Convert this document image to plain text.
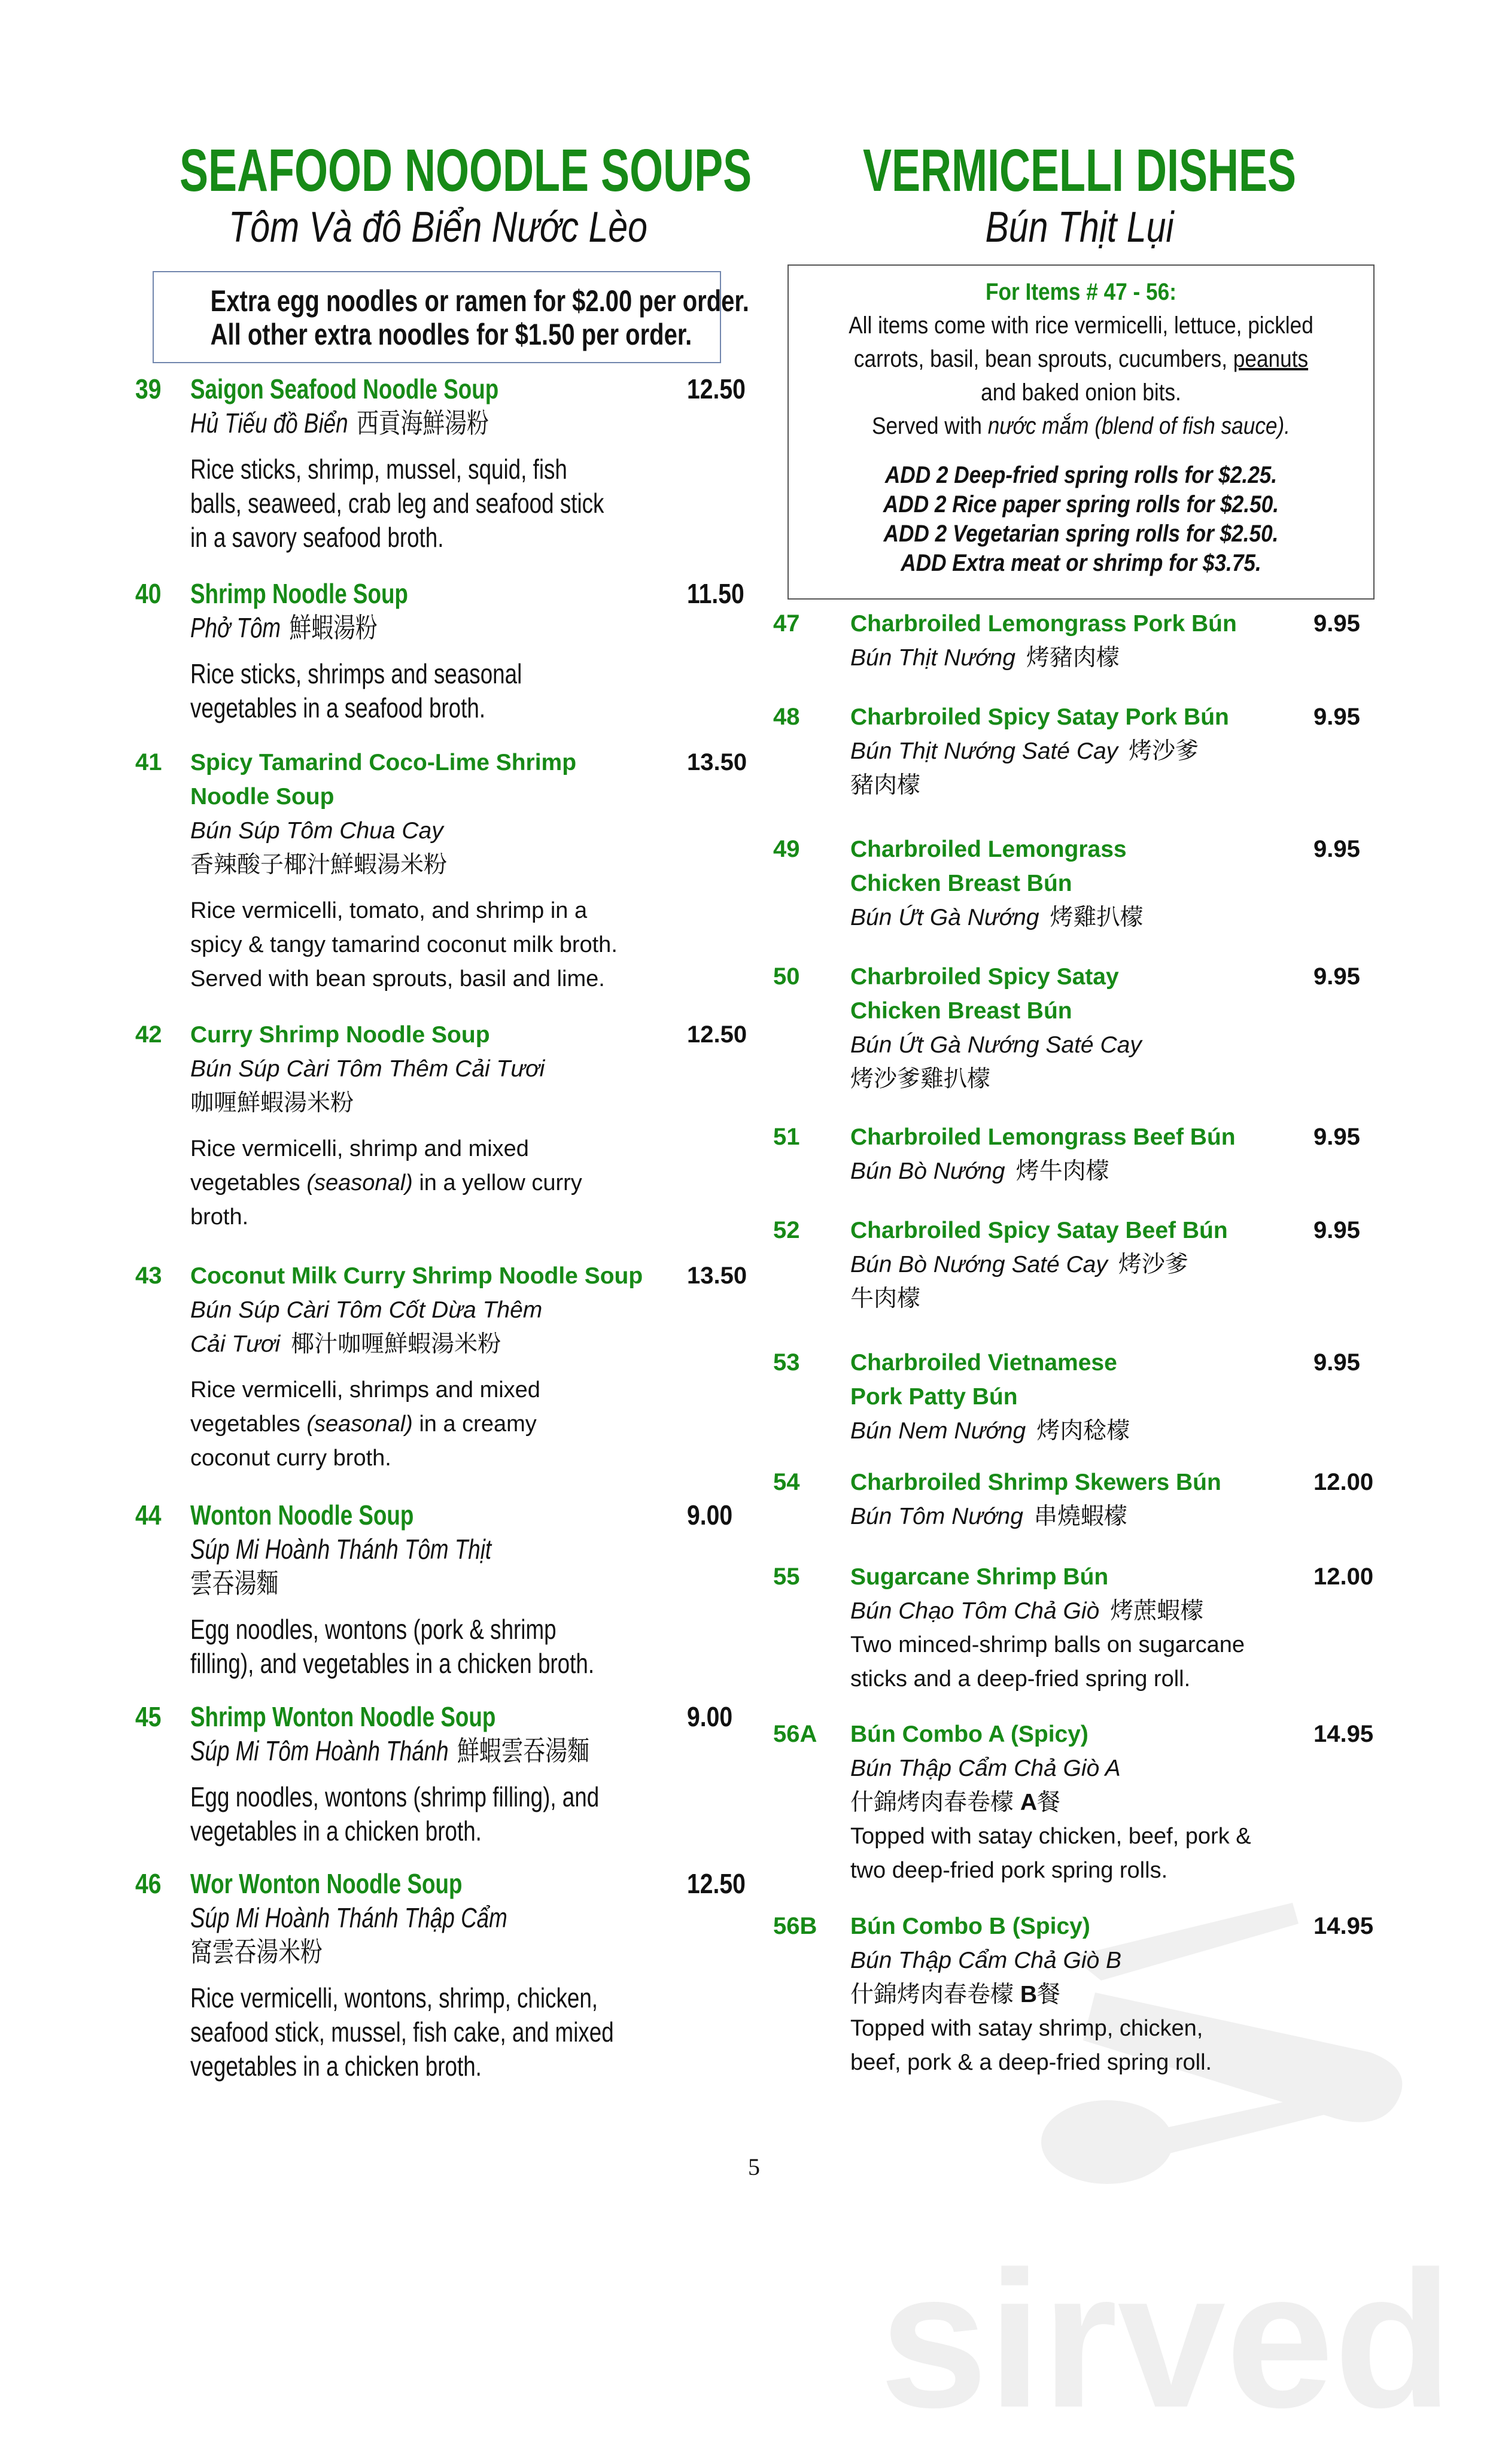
sirved
SEAFOOD NOODLE SOUPS
Tôm Và đô Biển Nước Lèo
Extra egg noodles or ramen for $2.00 per order.
All other extra noodles for $1.50 per order.
VERMICELLI DISHES
Bún Thịt Lụi
For Items # 47 - 56:
All items come with rice vermicelli, lettuce, pickled
carrots, basil, bean sprouts, cucumbers, peanuts
and baked onion bits.
Served with nước mắm (blend of fish sauce).
ADD 2 Deep-fried spring rolls for $2.25.
ADD 2 Rice paper spring rolls for $2.50.
ADD 2 Vegetarian spring rolls for $2.50.
ADD Extra meat or shrimp for $3.75.
39 Saigon Seafood Noodle Soup
Hủ Tiếu đồ Biển 西貢海鮮湯粉
Rice sticks, shrimp, mussel, squid, fish
balls, seaweed, crab leg and seafood stick
in a savory seafood broth.
12.50
40 Shrimp Noodle Soup
Phở Tôm 鮮蝦湯粉
Rice sticks, shrimps and seasonal
vegetables in a seafood broth.
11.50
41 Spicy Tamarind Coco-Lime Shrimp
Noodle Soup
Bún Súp Tôm Chua Cay
香辣酸子椰汁鮮蝦湯米粉
Rice vermicelli, tomato, and shrimp in a
spicy & tangy tamarind coconut milk broth.
Served with bean sprouts, basil and lime.
13.50
42 Curry Shrimp Noodle Soup
Bún Súp Càri Tôm Thêm Cải Tươi
咖喱鮮蝦湯米粉
Rice vermicelli, shrimp and mixed
vegetables (seasonal) in a yellow curry
broth.
12.50
43 Coconut Milk Curry Shrimp Noodle Soup
Bún Súp Càri Tôm Cốt Dừa Thêm
Cải Tươi 椰汁咖喱鮮蝦湯米粉
Rice vermicelli, shrimps and mixed
vegetables (seasonal) in a creamy
coconut curry broth.
13.50
44 Wonton Noodle Soup
Súp Mi Hoành Thánh Tôm Thịt
雲吞湯麵
Egg noodles, wontons (pork & shrimp
filling), and vegetables in a chicken broth.
9.00
45 Shrimp Wonton Noodle Soup
Súp Mi Tôm Hoành Thánh 鮮蝦雲吞湯麵
Egg noodles, wontons (shrimp filling), and
vegetables in a chicken broth.
9.00
46 Wor Wonton Noodle Soup
Súp Mi Hoành Thánh Thập Cẩm
窩雲吞湯米粉
Rice vermicelli, wontons, shrimp, chicken,
seafood stick, mussel, fish cake, and mixed
vegetables in a chicken broth.
12.50
47 Charbroiled Lemongrass Pork Bún
Bún Thịt Nướng 烤豬肉檬
9.95
48 Charbroiled Spicy Satay Pork Bún
Bún Thịt Nướng Saté Cay 烤沙爹
豬肉檬
9.95
49 Charbroiled Lemongrass
Chicken Breast Bún
Bún Ứt Gà Nướng 烤雞扒檬
9.95
50 Charbroiled Spicy Satay
Chicken Breast Bún
Bún Ứt Gà Nướng Saté Cay
烤沙爹雞扒檬
9.95
51 Charbroiled Lemongrass Beef Bún
Bún Bò Nướng 烤牛肉檬
9.95
52 Charbroiled Spicy Satay Beef Bún
Bún Bò Nướng Saté Cay 烤沙爹
牛肉檬
9.95
53 Charbroiled Vietnamese
Pork Patty Bún
Bún Nem Nướng 烤肉稔檬
9.95
54 Charbroiled Shrimp Skewers Bún
Bún Tôm Nướng 串燒蝦檬
12.00
55 Sugarcane Shrimp Bún
Bún Chạo Tôm Chả Giò 烤蔗蝦檬
Two minced-shrimp balls on sugarcane
sticks and a deep-fried spring roll.
12.00
56A Bún Combo A (Spicy)
Bún Thập Cẩm Chả Giò A
什錦烤肉春卷檬 A餐
Topped with satay chicken, beef, pork &
two deep-fried pork spring rolls.
14.95
56B Bún Combo B (Spicy)
Bún Thập Cẩm Chả Giò B
什錦烤肉春卷檬 B餐
Topped with satay shrimp, chicken,
beef, pork & a deep-fried spring roll.
14.95
5
